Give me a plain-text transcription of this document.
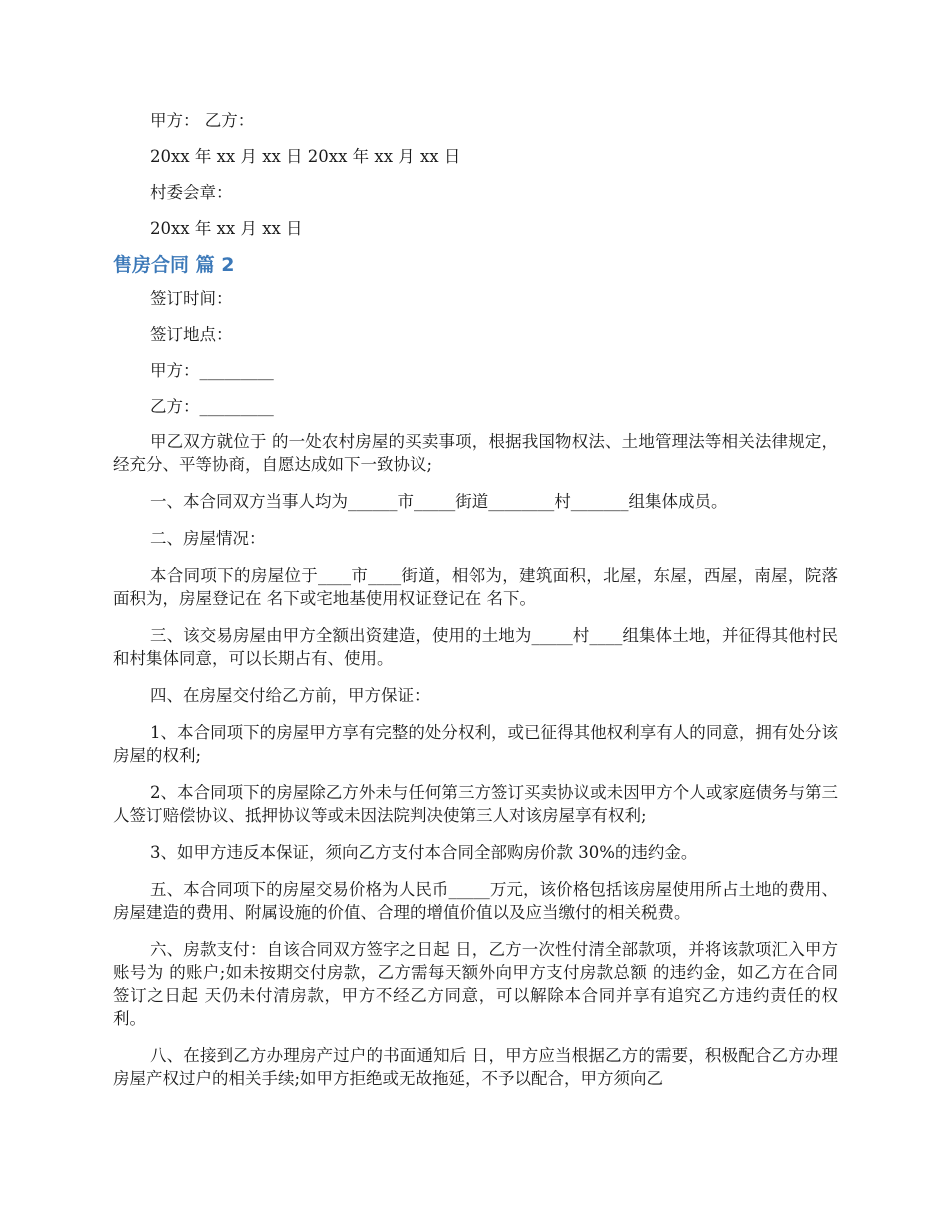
甲方： 乙方：

20xx 年 xx 月 xx 日 20xx 年 xx 月 xx 日

村委会章：

20xx 年 xx 月 xx 日

售房合同 篇 2

签订时间：

签订地点：

甲方：_________

乙方：_________

甲乙双方就位于 的一处农村房屋的买卖事项，根据我国物权法、土地管理法等相关法律规定，经充分、平等协商，自愿达成如下一致协议;

一、本合同双方当事人均为______市_____街道________村_______组集体成员。

二、房屋情况：

本合同项下的房屋位于____市____街道，相邻为，建筑面积，北屋，东屋，西屋，南屋，院落面积为，房屋登记在 名下或宅地基使用权证登记在 名下。

三、该交易房屋由甲方全额出资建造，使用的土地为_____村____组集体土地，并征得其他村民和村集体同意，可以长期占有、使用。

四、在房屋交付给乙方前，甲方保证：

1、本合同项下的房屋甲方享有完整的处分权利，或已征得其他权利享有人的同意，拥有处分该房屋的权利;

2、本合同项下的房屋除乙方外未与任何第三方签订买卖协议或未因甲方个人或家庭债务与第三人签订赔偿协议、抵押协议等或未因法院判决使第三人对该房屋享有权利;

3、如甲方违反本保证，须向乙方支付本合同全部购房价款 30%的违约金。

五、本合同项下的房屋交易价格为人民币_____万元，该价格包括该房屋使用所占土地的费用、房屋建造的费用、附属设施的价值、合理的增值价值以及应当缴付的相关税费。

六、房款支付：自该合同双方签字之日起 日，乙方一次性付清全部款项，并将该款项汇入甲方账号为 的账户;如未按期交付房款，乙方需每天额外向甲方支付房款总额 的违约金，如乙方在合同签订之日起 天仍未付清房款，甲方不经乙方同意，可以解除本合同并享有追究乙方违约责任的权利。

八、在接到乙方办理房产过户的书面通知后 日，甲方应当根据乙方的需要，积极配合乙方办理房屋产权过户的相关手续;如甲方拒绝或无故拖延，不予以配合，甲方须向乙
